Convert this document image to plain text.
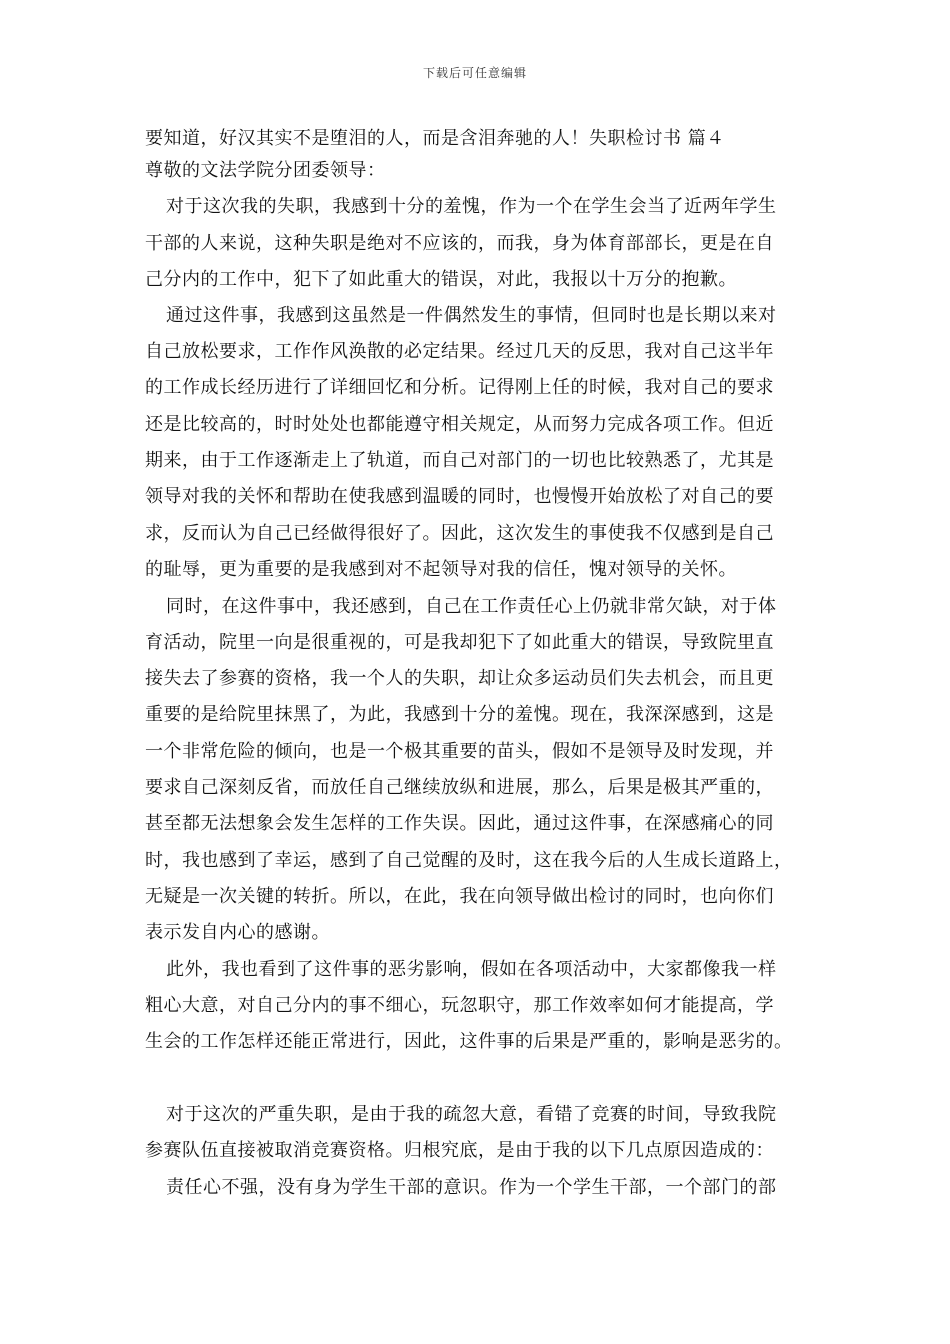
下载后可任意编辑
要知道，好汉其实不是堕泪的人，而是含泪奔驰的人！失职检讨书 篇４
尊敬的文法学院分团委领导：
对于这次我的失职，我感到十分的羞愧，作为一个在学生会当了近两年学生
干部的人来说，这种失职是绝对不应该的，而我，身为体育部部长，更是在自
己分内的工作中，犯下了如此重大的错误，对此，我报以十万分的抱歉。
通过这件事，我感到这虽然是一件偶然发生的事情，但同时也是长期以来对
自己放松要求，工作作风涣散的必定结果。经过几天的反思，我对自己这半年
的工作成长经历进行了详细回忆和分析。记得刚上任的时候，我对自己的要求
还是比较高的，时时处处也都能遵守相关规定，从而努力完成各项工作。但近
期来，由于工作逐渐走上了轨道，而自己对部门的一切也比较熟悉了，尤其是
领导对我的关怀和帮助在使我感到温暖的同时，也慢慢开始放松了对自己的要
求，反而认为自己已经做得很好了。因此，这次发生的事使我不仅感到是自己
的耻辱，更为重要的是我感到对不起领导对我的信任，愧对领导的关怀。
同时，在这件事中，我还感到，自己在工作责任心上仍就非常欠缺，对于体
育活动，院里一向是很重视的，可是我却犯下了如此重大的错误，导致院里直
接失去了参赛的资格，我一个人的失职，却让众多运动员们失去机会，而且更
重要的是给院里抹黑了，为此，我感到十分的羞愧。现在，我深深感到，这是
一个非常危险的倾向，也是一个极其重要的苗头，假如不是领导及时发现，并
要求自己深刻反省，而放任自己继续放纵和进展，那么，后果是极其严重的，
甚至都无法想象会发生怎样的工作失误。因此，通过这件事，在深感痛心的同
时，我也感到了幸运，感到了自己觉醒的及时，这在我今后的人生成长道路上，
无疑是一次关键的转折。所以，在此，我在向领导做出检讨的同时，也向你们
表示发自内心的感谢。
此外，我也看到了这件事的恶劣影响，假如在各项活动中，大家都像我一样
粗心大意，对自己分内的事不细心，玩忽职守，那工作效率如何才能提高，学
生会的工作怎样还能正常进行，因此，这件事的后果是严重的，影响是恶劣的。
对于这次的严重失职，是由于我的疏忽大意，看错了竞赛的时间，导致我院
参赛队伍直接被取消竞赛资格。归根究底，是由于我的以下几点原因造成的：
责任心不强，没有身为学生干部的意识。作为一个学生干部，一个部门的部
